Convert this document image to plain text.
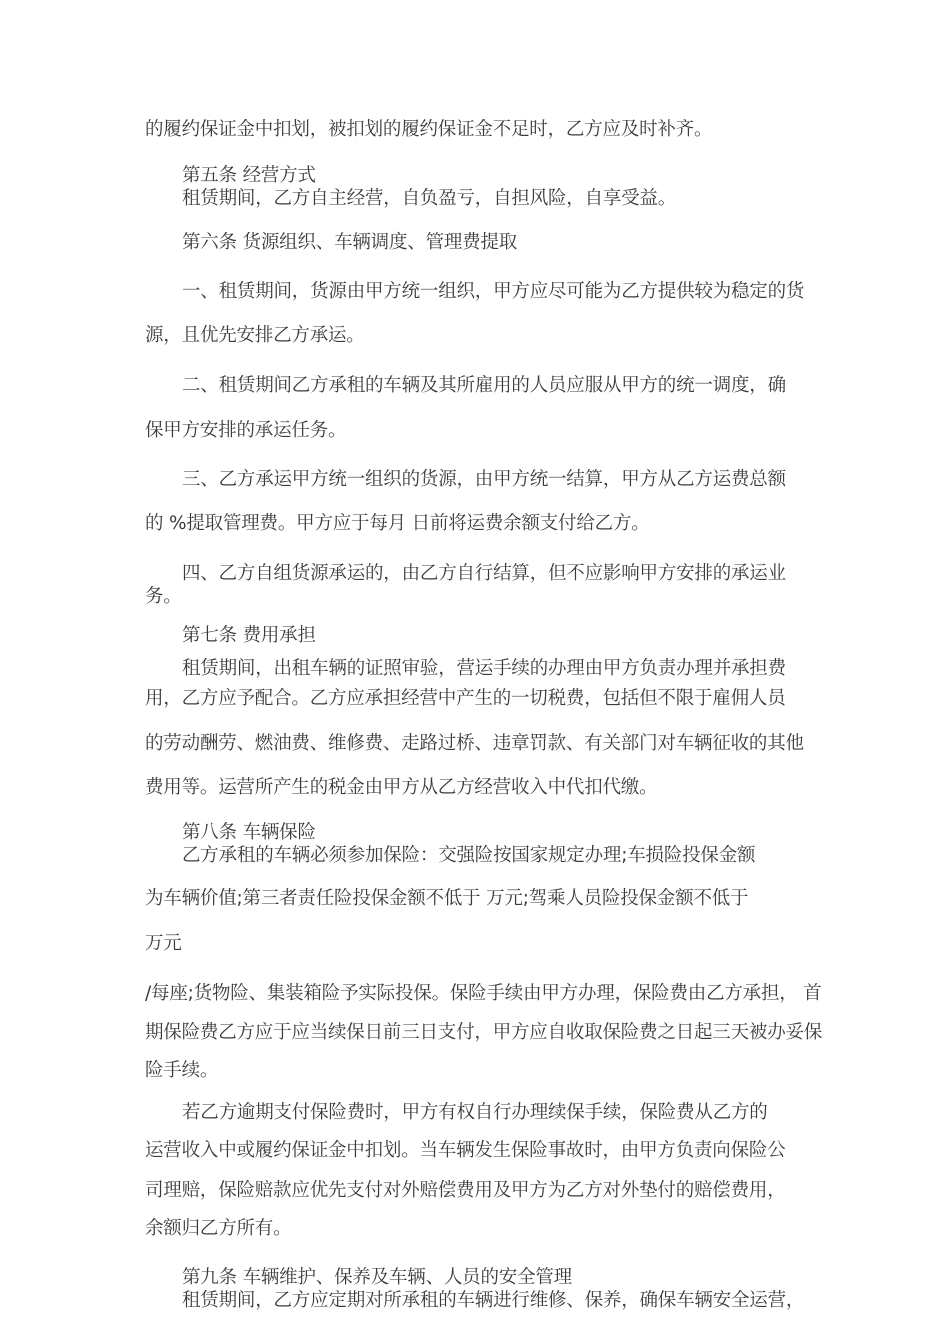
的履约保证金中扣划，被扣划的履约保证金不足时，乙方应及时补齐。
第五条 经营方式
租赁期间，乙方自主经营，自负盈亏，自担风险，自享受益。
第六条 货源组织、车辆调度、管理费提取
一、租赁期间，货源由甲方统一组织，甲方应尽可能为乙方提供较为稳定的货
源，且优先安排乙方承运。
二、租赁期间乙方承租的车辆及其所雇用的人员应服从甲方的统一调度，确
保甲方安排的承运任务。
三、乙方承运甲方统一组织的货源，由甲方统一结算，甲方从乙方运费总额
的 %提取管理费。甲方应于每月 日前将运费余额支付给乙方。
四、乙方自组货源承运的，由乙方自行结算，但不应影响甲方安排的承运业
务。
第七条 费用承担
租赁期间，出租车辆的证照审验，营运手续的办理由甲方负责办理并承担费
用，乙方应予配合。乙方应承担经营中产生的一切税费，包括但不限于雇佣人员
的劳动酬劳、燃油费、维修费、走路过桥、违章罚款、有关部门对车辆征收的其他
费用等。运营所产生的税金由甲方从乙方经营收入中代扣代缴。
第八条 车辆保险
乙方承租的车辆必须参加保险：交强险按国家规定办理;车损险投保金额
为车辆价值;第三者责任险投保金额不低于 万元;驾乘人员险投保金额不低于
万元
/每座;货物险、集装箱险予实际投保。保险手续由甲方办理，保险费由乙方承担， 首
期保险费乙方应于应当续保日前三日支付，甲方应自收取保险费之日起三天被办妥保
险手续。
若乙方逾期支付保险费时，甲方有权自行办理续保手续，保险费从乙方的
运营收入中或履约保证金中扣划。当车辆发生保险事故时，由甲方负责向保险公
司理赔，保险赔款应优先支付对外赔偿费用及甲方为乙方对外垫付的赔偿费用，
余额归乙方所有。
第九条 车辆维护、保养及车辆、人员的安全管理
租赁期间，乙方应定期对所承租的车辆进行维修、保养，确保车辆安全运营，
